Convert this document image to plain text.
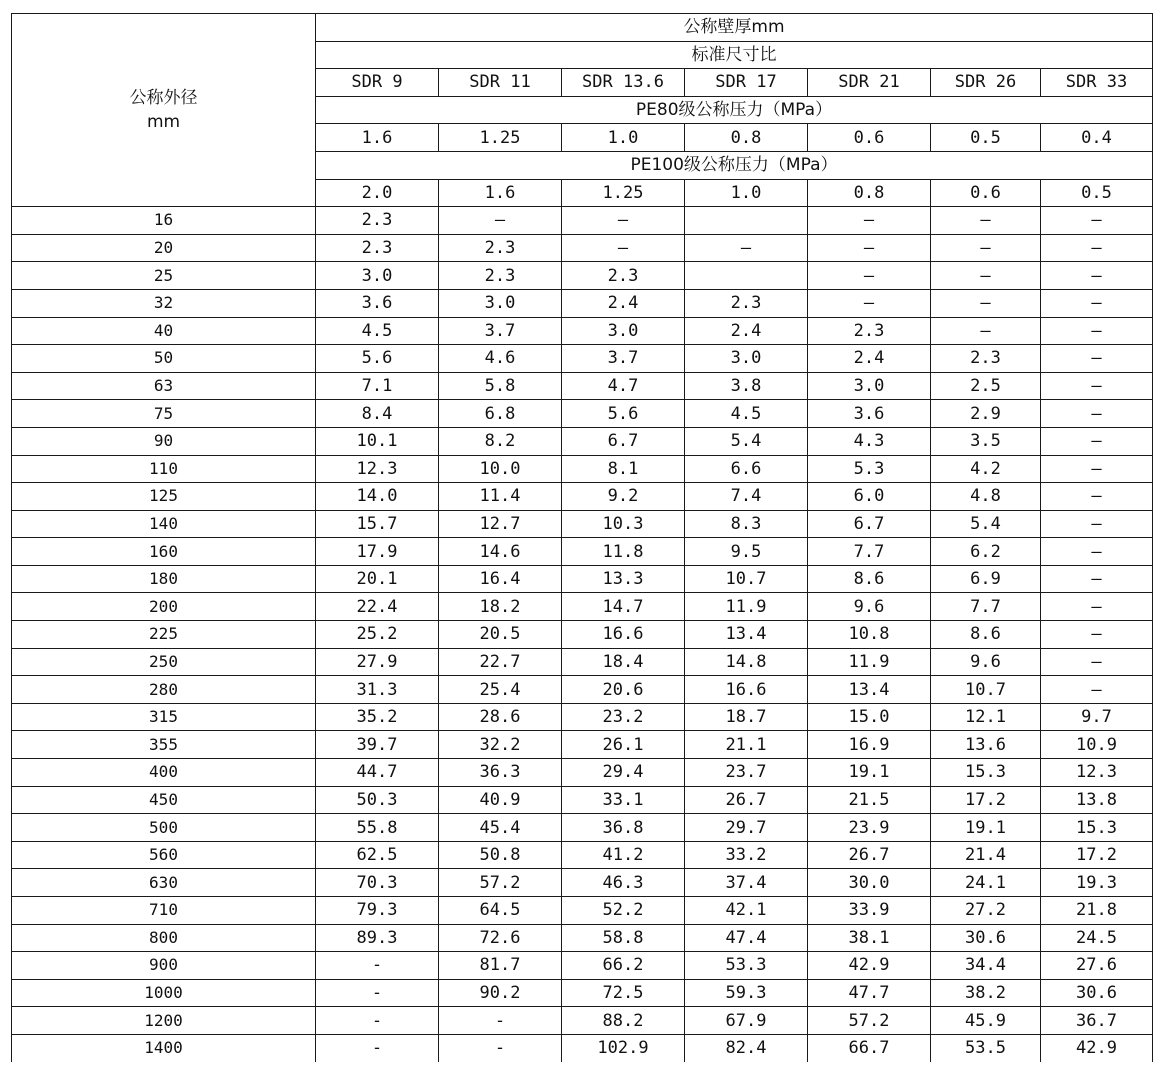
公称外径
mm	公称壁厚mm						
	标准尺寸比						
	SDR 9	SDR 11	SDR 13.6	SDR 17	SDR 21	SDR 26	SDR 33
	PE80级公称压力（MPa）						
	1.6	1.25	1.0	0.8	0.6	0.5	0.4
	PE100级公称压力（MPa）						
	2.0	1.6	1.25	1.0	0.8	0.6	0.5
16	2.3	—	—		—	—	—
20	2.3	2.3	—	—	—	—	—
25	3.0	2.3	2.3		—	—	—
32	3.6	3.0	2.4	2.3	—	—	—
40	4.5	3.7	3.0	2.4	2.3	—	—
50	5.6	4.6	3.7	3.0	2.4	2.3	—
63	7.1	5.8	4.7	3.8	3.0	2.5	—
75	8.4	6.8	5.6	4.5	3.6	2.9	—
90	10.1	8.2	6.7	5.4	4.3	3.5	—
110	12.3	10.0	8.1	6.6	5.3	4.2	—
125	14.0	11.4	9.2	7.4	6.0	4.8	—
140	15.7	12.7	10.3	8.3	6.7	5.4	—
160	17.9	14.6	11.8	9.5	7.7	6.2	—
180	20.1	16.4	13.3	10.7	8.6	6.9	—
200	22.4	18.2	14.7	11.9	9.6	7.7	—
225	25.2	20.5	16.6	13.4	10.8	8.6	—
250	27.9	22.7	18.4	14.8	11.9	9.6	—
280	31.3	25.4	20.6	16.6	13.4	10.7	—
315	35.2	28.6	23.2	18.7	15.0	12.1	9.7
355	39.7	32.2	26.1	21.1	16.9	13.6	10.9
400	44.7	36.3	29.4	23.7	19.1	15.3	12.3
450	50.3	40.9	33.1	26.7	21.5	17.2	13.8
500	55.8	45.4	36.8	29.7	23.9	19.1	15.3
560	62.5	50.8	41.2	33.2	26.7	21.4	17.2
630	70.3	57.2	46.3	37.4	30.0	24.1	19.3
710	79.3	64.5	52.2	42.1	33.9	27.2	21.8
800	89.3	72.6	58.8	47.4	38.1	30.6	24.5
900	-	81.7	66.2	53.3	42.9	34.4	27.6
1000	-	90.2	72.5	59.3	47.7	38.2	30.6
1200	-	-	88.2	67.9	57.2	45.9	36.7
1400	-	-	102.9	82.4	66.7	53.5	42.9
